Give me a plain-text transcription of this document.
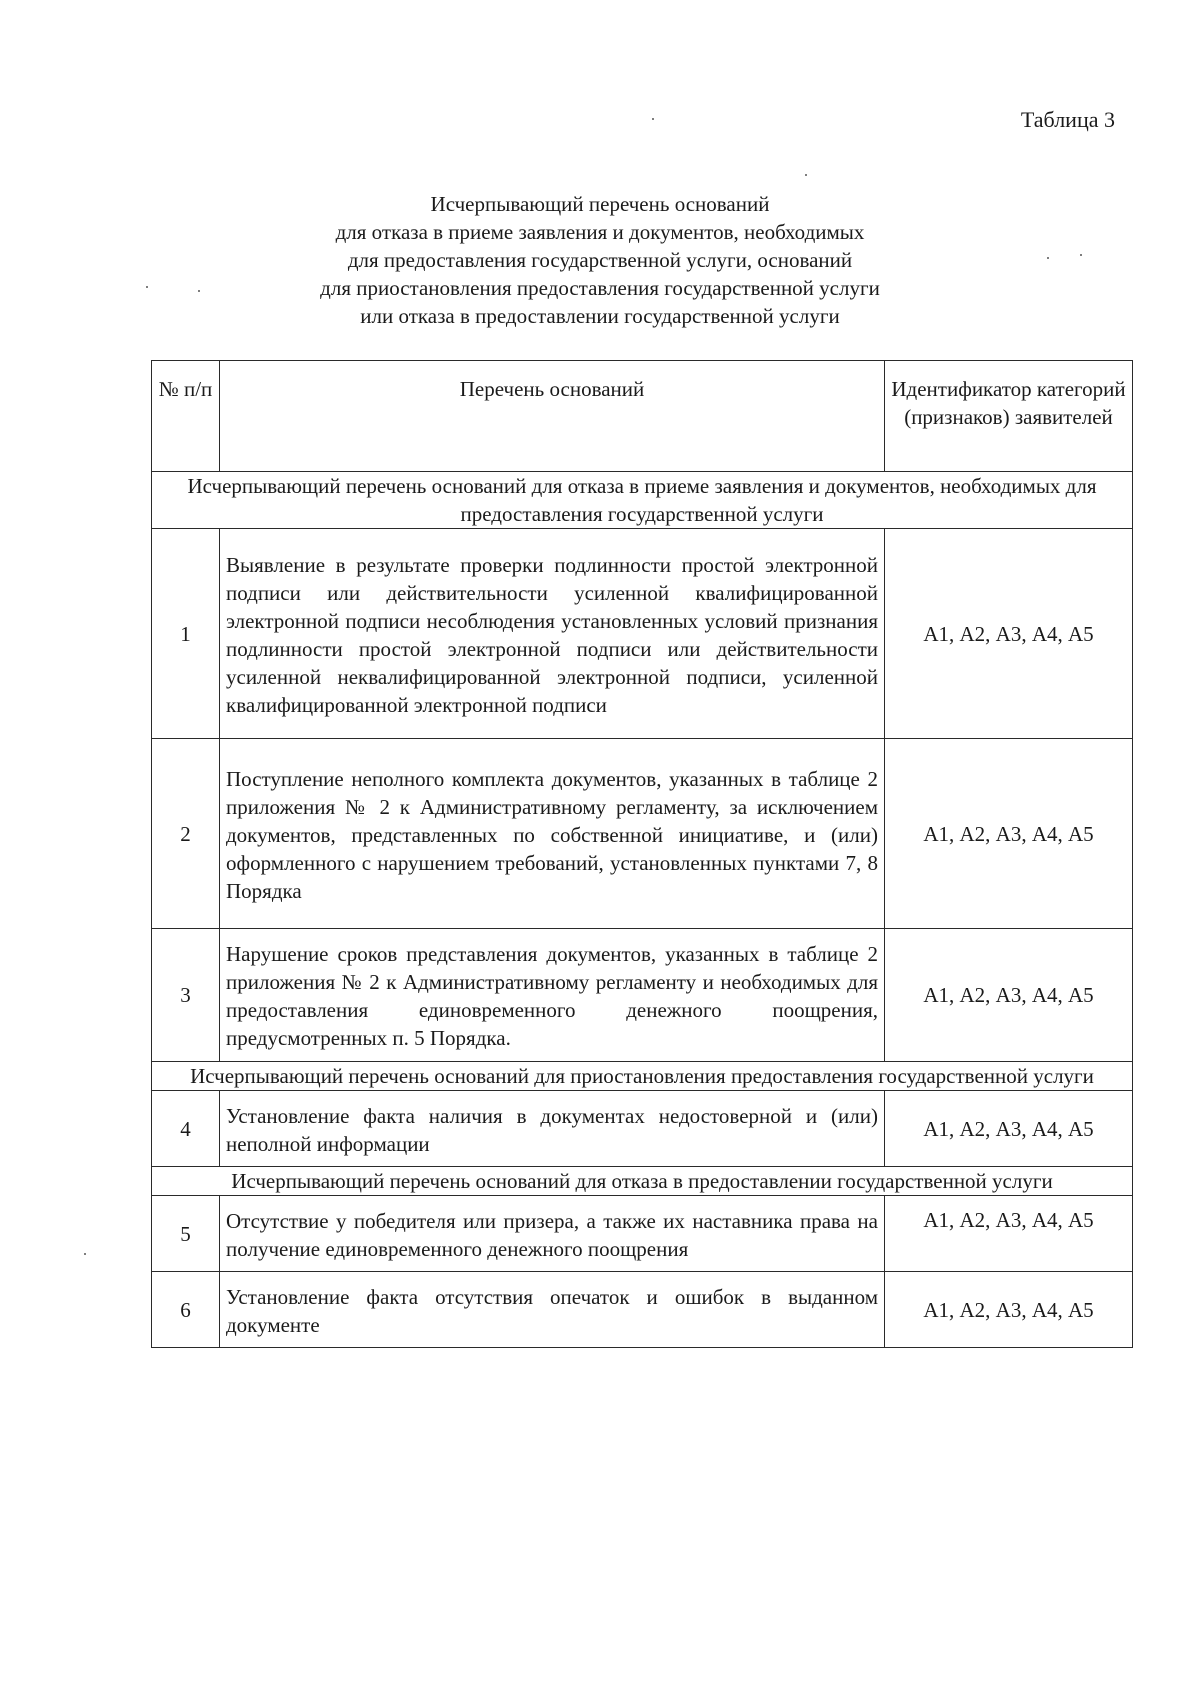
Таблица 3
Исчерпывающий перечень оснований
для отказа в приеме заявления и документов, необходимых
для предоставления государственной услуги, оснований
для приостановления предоставления государственной услуги
или отказа в предоставлении государственной услуги
№ п/п	Перечень оснований	Идентификатор категорий (признаков) заявителей
Исчерпывающий перечень оснований для отказа в приеме заявления и документов, необходимых для предоставления государственной услуги		
1	Выявление в результате проверки подлинности простой электронной подписи или действительности усиленной квалифицированной электронной подписи несоблюдения установленных условий признания подлинности простой электронной подписи или действительности усиленной неквалифицированной электронной подписи, усиленной квалифицированной электронной подписи	А1, А2, А3, А4, А5
2	Поступление неполного комплекта документов, указанных в таблице 2 приложения № 2 к Административному регламенту, за исключением документов, представленных по собственной инициативе, и (или) оформленного с нарушением требований, установленных пунктами 7, 8 Порядка	А1, А2, А3, А4, А5
3	Нарушение сроков представления документов, указанных в таблице 2 приложения № 2 к Административному регламенту и необходимых для предоставления единовременного денежного поощрения, предусмотренных п. 5 Порядка.	А1, А2, А3, А4, А5
Исчерпывающий перечень оснований для приостановления предоставления государственной услуги		
4	Установление факта наличия в документах недостоверной и (или) неполной информации	А1, А2, А3, А4, А5
Исчерпывающий перечень оснований для отказа в предоставлении государственной услуги		
5	Отсутствие у победителя или призера, а также их наставника права на получение единовременного денежного поощрения	А1, А2, А3, А4, А5
6	Установление факта отсутствия опечаток и ошибок в выданном документе	А1, А2, А3, А4, А5
